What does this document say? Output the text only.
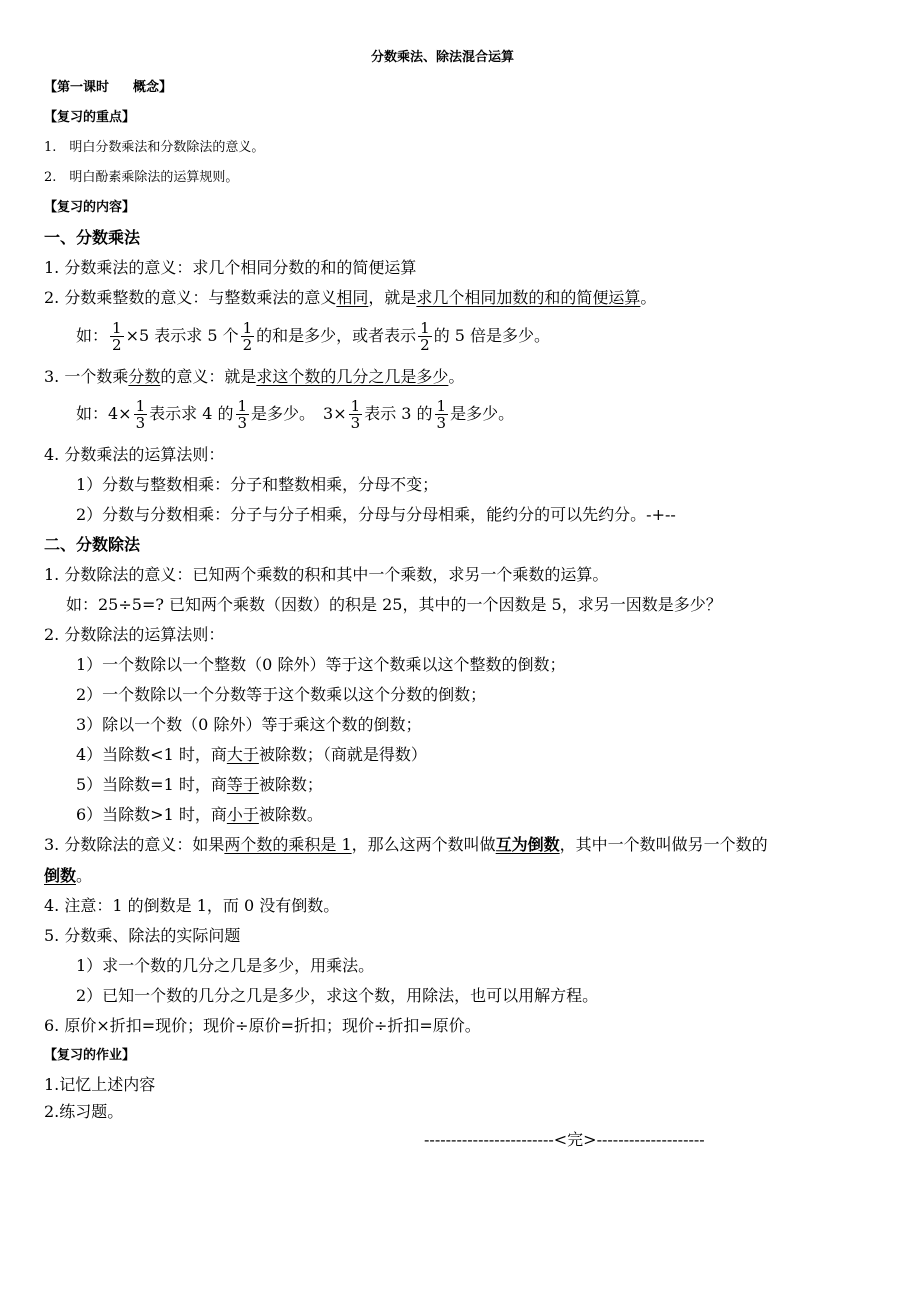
分数乘法、除法混合运算
【第一课时 概念】
【复习的重点】
1.　明白分数乘法和分数除法的意义。
2.　明白酚素乘除法的运算规则。
【复习的内容】
一、分数乘法
1. 分数乘法的意义：求几个相同分数的和的简便运算
2. 分数乘整数的意义：与整数乘法的意义相同，就是求几个相同加数的和的简便运算。
如： $\frac{1}{2} \times 5$ 表示求 5 个 $\frac{1}{2}$ 的和是多少，或者表示 $\frac{1}{2}$ 的 5 倍是多少。
3. 一个数乘分数的意义：就是求这个数的几分之几是多少。
如：$4\times \frac{1}{3}$ 表示求 4 的 $\frac{1}{3}$ 是多少。　$3\times \frac{1}{3}$ 表示 3 的 $\frac{1}{3}$ 是多少。
4. 分数乘法的运算法则：
1）分数与整数相乘：分子和整数相乘，分母不变；
2）分数与分数相乘：分子与分子相乘，分母与分母相乘，能约分的可以先约分。-+--
二、分数除法
1. 分数除法的意义：已知两个乘数的积和其中一个乘数，求另一个乘数的运算。
如：25÷5=? 已知两个乘数（因数）的积是 25，其中的一个因数是 5，求另一因数是多少？
2. 分数除法的运算法则：
1）一个数除以一个整数（0 除外）等于这个数乘以这个整数的倒数；
2）一个数除以一个分数等于这个数乘以这个分数的倒数；
3）除以一个数（0 除外）等于乘这个数的倒数；
4）当除数<1 时，商大于被除数；（商就是得数）
5）当除数=1 时，商等于被除数；
6）当除数>1 时，商小于被除数。
3. 分数除法的意义：如果两个数的乘积是 1，那么这两个数叫做互为倒数，其中一个数叫做另一个数的
倒数。
4. 注意：1 的倒数是 1，而 0 没有倒数。
5. 分数乘、除法的实际问题
1）求一个数的几分之几是多少，用乘法。
2）已知一个数的几分之几是多少，求这个数，用除法，也可以用解方程。
6. 原价×折扣=现价；现价÷原价=折扣；现价÷折扣=原价。
【复习的作业】
1.记忆上述内容
2.练习题。
------------------------<完>--------------------
